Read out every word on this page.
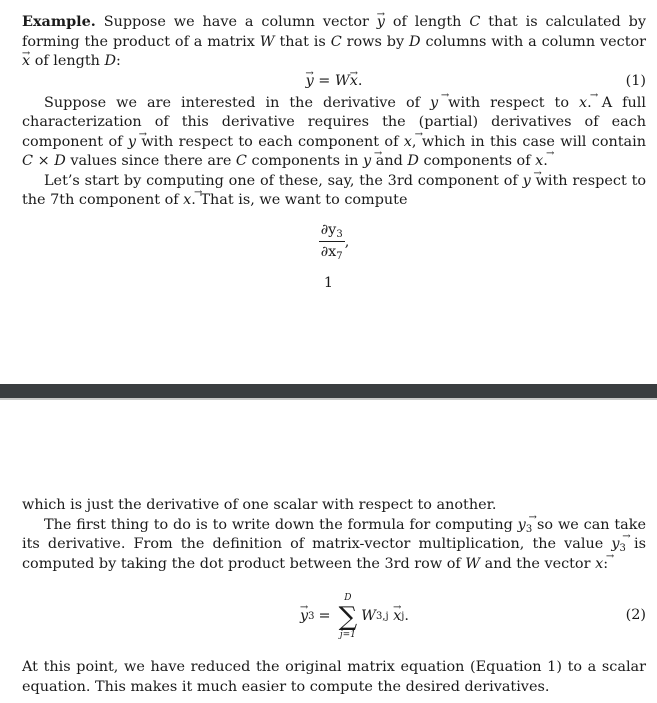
Example. Suppose we have a column vector y → of length C that is calculated by forming the product of a matrix W that is C rows by D columns with a column vector x → of length D:

y → = Wx →.	(1)

Suppose we are interested in the derivative of y → with respect to x →. A full characterization of this derivative requires the (partial) derivatives of each component of y → with respect to each component of x →, which in this case will contain C × D values since there are C components in y → and D components of x →.

Let’s start by computing one of these, say, the 3rd component of y → with respect to the 7th component of x →. That is, we want to compute

$\frac{\partial y_3}{\partial x_7}$ ,
1

which is just the derivative of one scalar with respect to another.

The first thing to do is to write down the formula for computing $y \to_3$ so we can take its derivative. From the definition of matrix-vector multiplication, the value $y \to_3$ is computed by taking the dot product between the 3rd row of W and the vector x →:

y → 3 =
D
∑
j=1
W 3,j
x → j .	(2)

At this point, we have reduced the original matrix equation (Equation 1) to a scalar equation. This makes it much easier to compute the desired derivatives.
